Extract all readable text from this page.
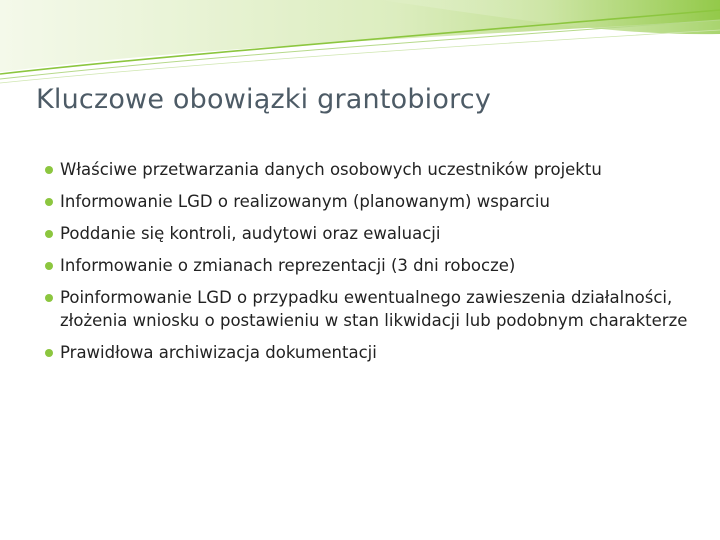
Kluczowe obowiązki grantobiorcy
Właściwe przetwarzania danych osobowych uczestników projektu
Informowanie LGD o realizowanym (planowanym) wsparciu
Poddanie się kontroli, audytowi oraz ewaluacji
Informowanie o zmianach reprezentacji (3 dni robocze)
Poinformowanie LGD o przypadku ewentualnego zawieszenia działalności, złożenia wniosku o postawieniu w stan likwidacji lub podobnym charakterze
Prawidłowa archiwizacja dokumentacji
